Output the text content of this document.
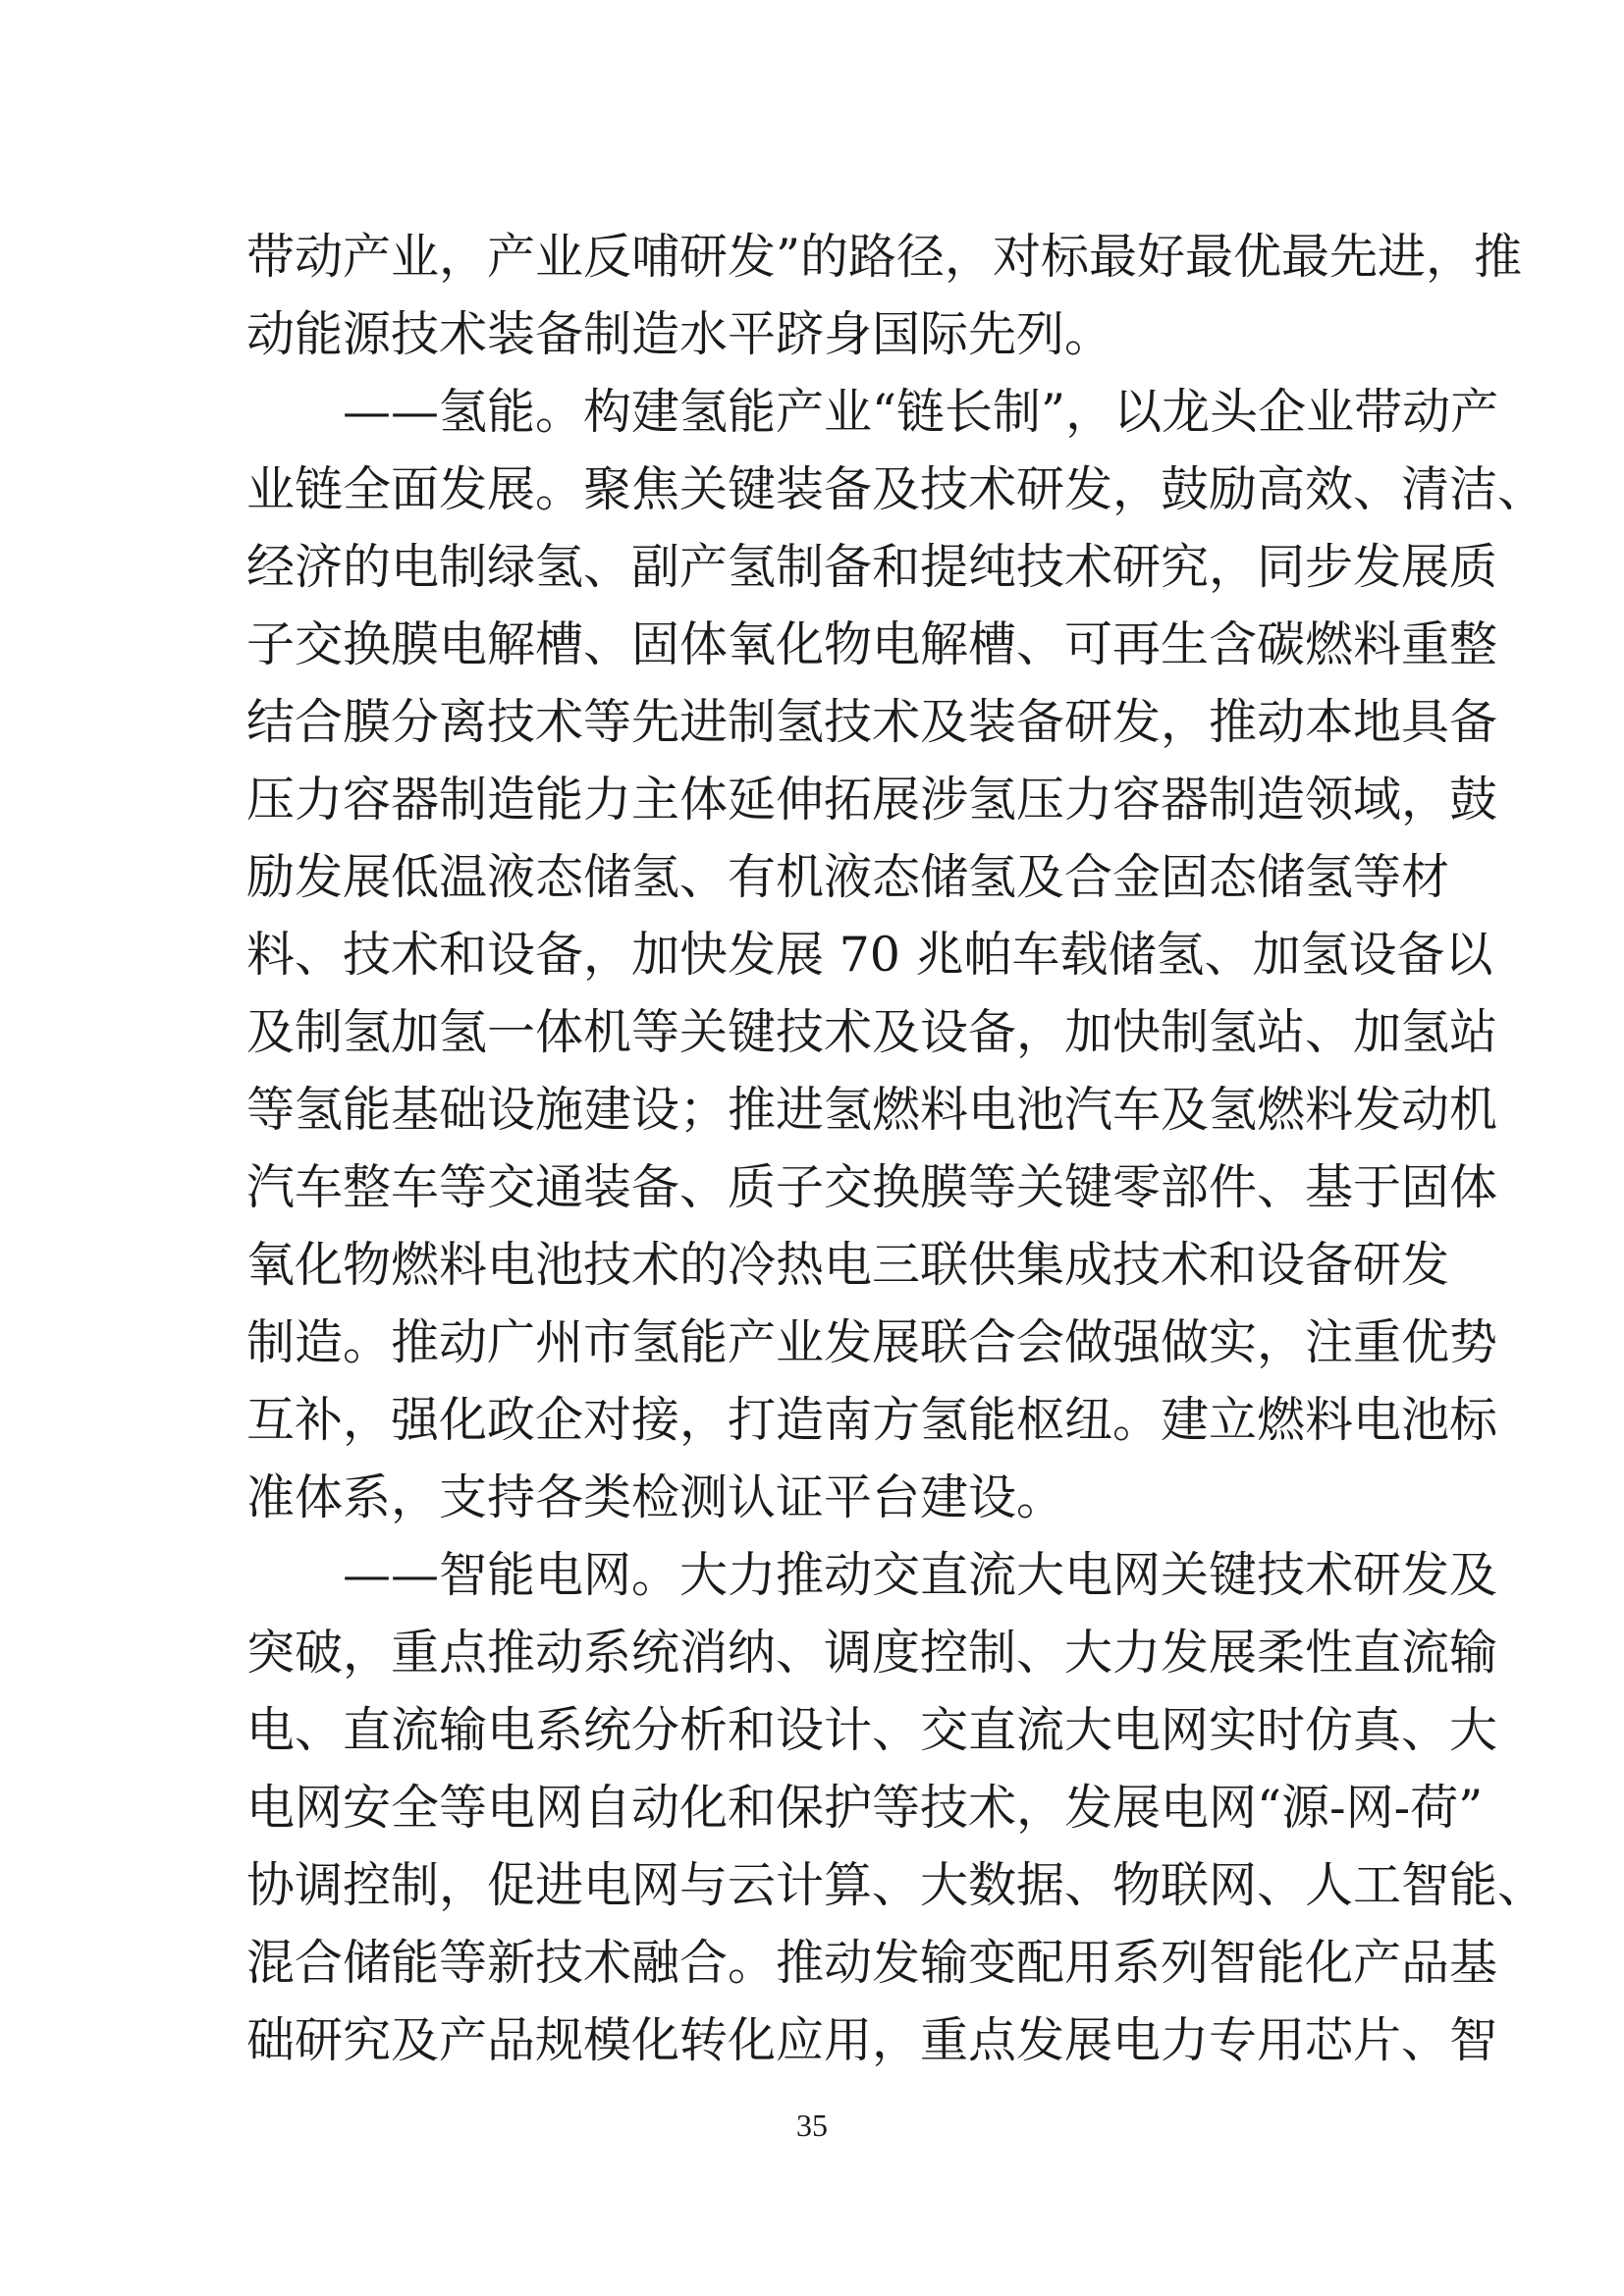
带动产业，产业反哺研发”的路径，对标最好最优最先进，推
动能源技术装备制造水平跻身国际先列。
——氢能。构建氢能产业“链长制”，以龙头企业带动产
业链全面发展。聚焦关键装备及技术研发，鼓励高效、清洁、
经济的电制绿氢、副产氢制备和提纯技术研究，同步发展质
子交换膜电解槽、固体氧化物电解槽、可再生含碳燃料重整
结合膜分离技术等先进制氢技术及装备研发，推动本地具备
压力容器制造能力主体延伸拓展涉氢压力容器制造领域，鼓
励发展低温液态储氢、有机液态储氢及合金固态储氢等材
料、技术和设备，加快发展 70 兆帕车载储氢、加氢设备以
及制氢加氢一体机等关键技术及设备，加快制氢站、加氢站
等氢能基础设施建设；推进氢燃料电池汽车及氢燃料发动机
汽车整车等交通装备、质子交换膜等关键零部件、基于固体
氧化物燃料电池技术的冷热电三联供集成技术和设备研发
制造。推动广州市氢能产业发展联合会做强做实，注重优势
互补，强化政企对接，打造南方氢能枢纽。建立燃料电池标
准体系，支持各类检测认证平台建设。
——智能电网。大力推动交直流大电网关键技术研发及
突破，重点推动系统消纳、调度控制、大力发展柔性直流输
电、直流输电系统分析和设计、交直流大电网实时仿真、大
电网安全等电网自动化和保护等技术，发展电网“源-网-荷”
协调控制，促进电网与云计算、大数据、物联网、人工智能、
混合储能等新技术融合。推动发输变配用系列智能化产品基
础研究及产品规模化转化应用，重点发展电力专用芯片、智
35
